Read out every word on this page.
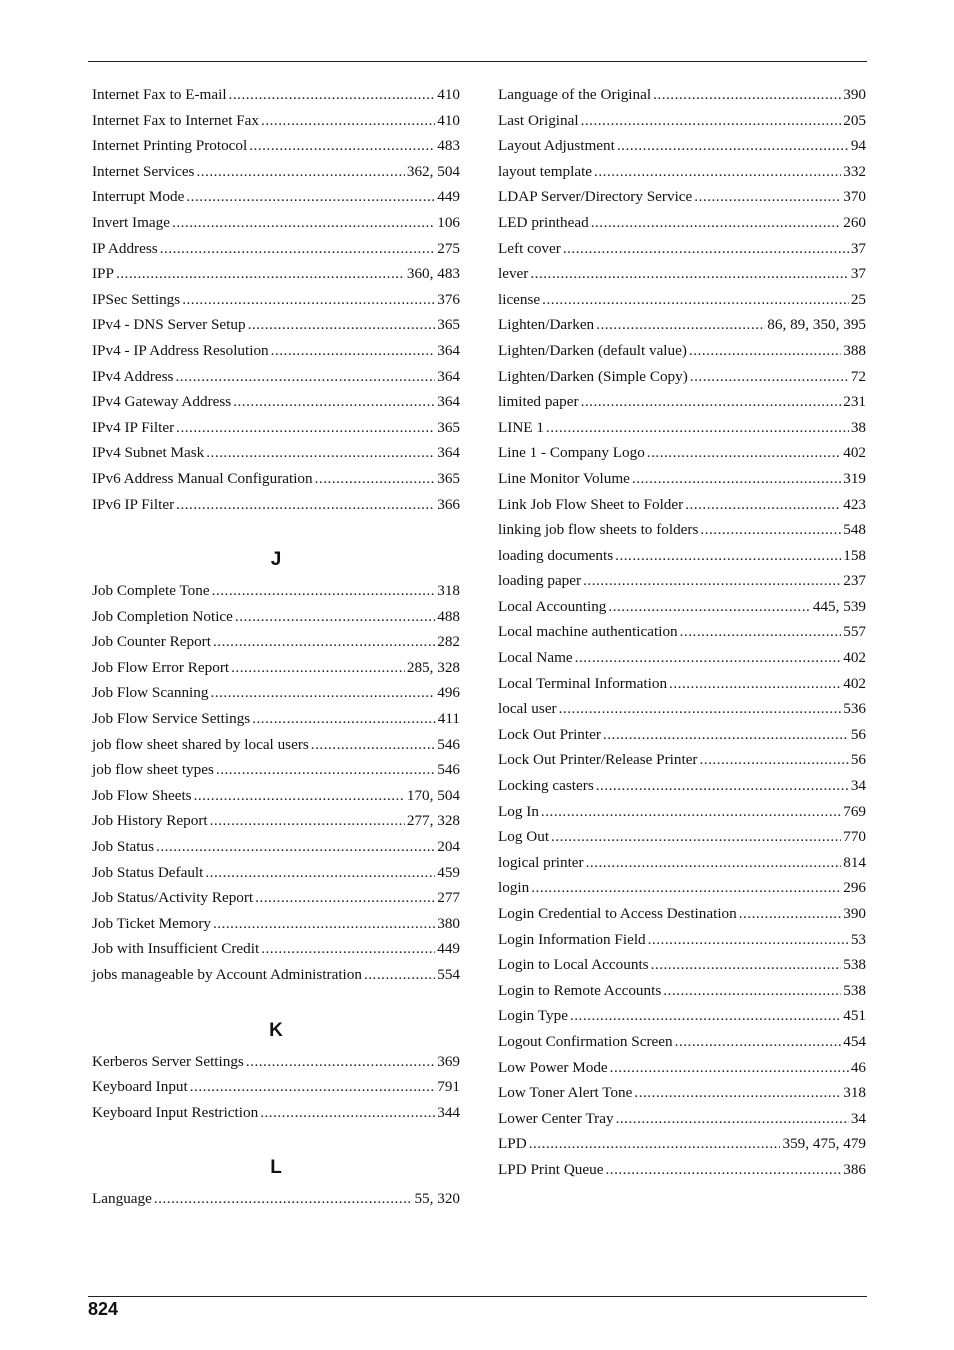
Internet Fax to E-mail .....	410
Internet Fax to Internet Fax .....	410
Internet Printing Protocol .....	483
Internet Services .....	362, 504
Interrupt Mode .....	449
Invert Image .....	106
IP Address .....	275
IPP .....	360, 483
IPSec Settings .....	376
IPv4 - DNS Server Setup .....	365
IPv4 - IP Address Resolution .....	364
IPv4 Address .....	364
IPv4 Gateway Address .....	364
IPv4 IP Filter .....	365
IPv4 Subnet Mask .....	364
IPv6 Address Manual Configuration .....	365
IPv6 IP Filter .....	366
J
Job Complete Tone .....	318
Job Completion Notice .....	488
Job Counter Report .....	282
Job Flow Error Report .....	285, 328
Job Flow Scanning .....	496
Job Flow Service Settings .....	411
job flow sheet shared by local users .....	546
job flow sheet types .....	546
Job Flow Sheets .....	170, 504
Job History Report .....	277, 328
Job Status .....	204
Job Status Default .....	459
Job Status/Activity Report .....	277
Job Ticket Memory .....	380
Job with Insufficient Credit .....	449
jobs manageable by Account Administration .....	554
K
Kerberos Server Settings .....	369
Keyboard Input .....	791
Keyboard Input Restriction .....	344
L
Language .....	55, 320
Language of the Original .....	390
Last Original .....	205
Layout Adjustment .....	94
layout template .....	332
LDAP Server/Directory Service .....	370
LED printhead .....	260
Left cover .....	37
lever .....	37
license .....	25
Lighten/Darken .....	86, 89, 350, 395
Lighten/Darken (default value) .....	388
Lighten/Darken (Simple Copy) .....	72
limited paper .....	231
LINE 1 .....	38
Line 1 - Company Logo .....	402
Line Monitor Volume .....	319
Link Job Flow Sheet to Folder .....	423
linking job flow sheets to folders .....	548
loading documents .....	158
loading paper .....	237
Local Accounting .....	445, 539
Local machine authentication .....	557
Local Name .....	402
Local Terminal Information .....	402
local user .....	536
Lock Out Printer .....	56
Lock Out Printer/Release Printer .....	56
Locking casters .....	34
Log In .....	769
Log Out .....	770
logical printer .....	814
login .....	296
Login Credential to Access Destination .....	390
Login Information Field .....	53
Login to Local Accounts .....	538
Login to Remote Accounts .....	538
Login Type .....	451
Logout Confirmation Screen .....	454
Low Power Mode .....	46
Low Toner Alert Tone .....	318
Lower Center Tray .....	34
LPD .....	359, 475, 479
LPD Print Queue .....	386
824
